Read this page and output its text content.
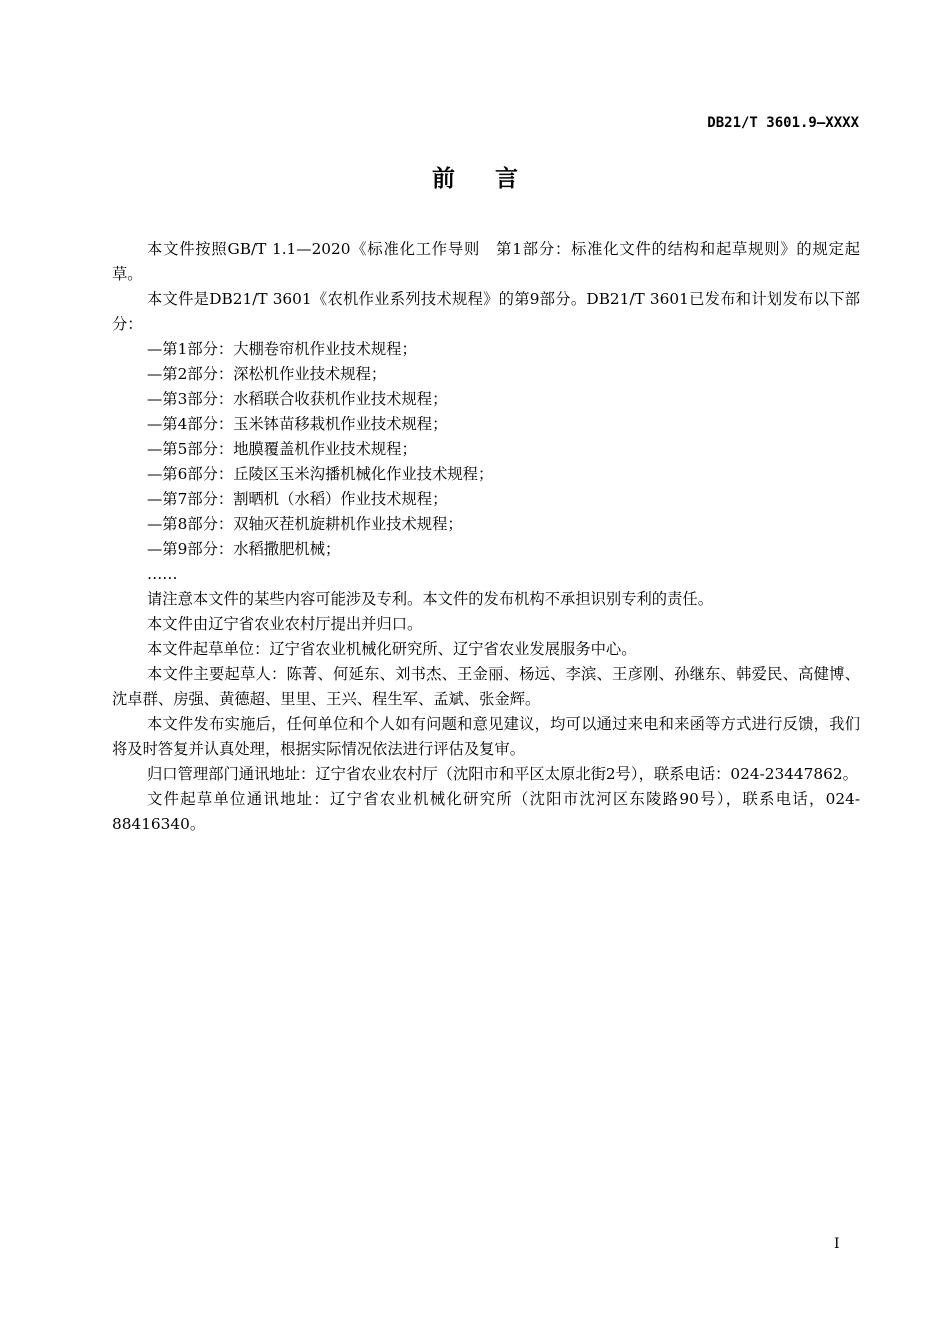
DB21/T 3601.9—XXXX
前言

本文件按照GB/T 1.1—2020《标准化工作导则　第1部分：标准化文件的结构和起草规则》的规定起草。

本文件是DB21/T 3601《农机作业系列技术规程》的第9部分。DB21/T 3601已发布和计划发布以下部分：

—第1部分：大棚卷帘机作业技术规程；

—第2部分：深松机作业技术规程；

—第3部分：水稻联合收获机作业技术规程；

—第4部分：玉米钵苗移栽机作业技术规程；

—第5部分：地膜覆盖机作业技术规程；

—第6部分：丘陵区玉米沟播机械化作业技术规程；

—第7部分：割晒机（水稻）作业技术规程；

—第8部分：双轴灭茬机旋耕机作业技术规程；

—第9部分：水稻撒肥机械；

……

请注意本文件的某些内容可能涉及专利。本文件的发布机构不承担识别专利的责任。

本文件由辽宁省农业农村厅提出并归口。

本文件起草单位：辽宁省农业机械化研究所、辽宁省农业发展服务中心。

本文件主要起草人：陈菁、何延东、刘书杰、王金丽、杨远、李滨、王彦刚、孙继东、韩爱民、高健博、沈卓群、房强、黄德超、里里、王兴、程生军、孟斌、张金辉。

本文件发布实施后，任何单位和个人如有问题和意见建议，均可以通过来电和来函等方式进行反馈，我们将及时答复并认真处理，根据实际情况依法进行评估及复审。

归口管理部门通讯地址：辽宁省农业农村厅（沈阳市和平区太原北街2号），联系电话：024-23447862。

文件起草单位通讯地址：辽宁省农业机械化研究所（沈阳市沈河区东陵路90号），联系电话，024-88416340。

I
